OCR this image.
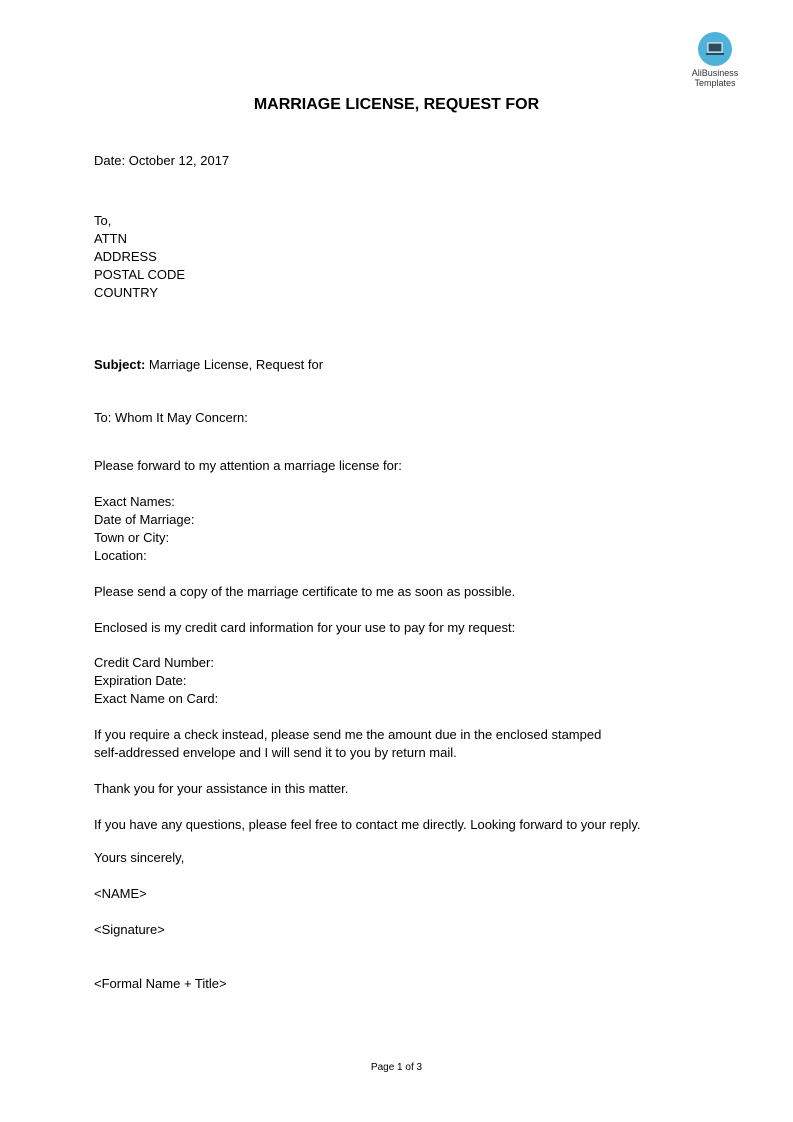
AliBusiness
Templates
MARRIAGE LICENSE, REQUEST FOR
Date: October 12, 2017
To,
ATTN
ADDRESS
POSTAL CODE
COUNTRY
Subject: Marriage License, Request for
To: Whom It May Concern:
Please forward to my attention a marriage license for:
Exact Names:
Date of Marriage:
Town or City:
Location:
Please send a copy of the marriage certificate to me as soon as possible.
Enclosed is my credit card information for your use to pay for my request:
Credit Card Number:
Expiration Date:
Exact Name on Card:
If you require a check instead, please send me the amount due in the enclosed stamped
self-addressed envelope and I will send it to you by return mail.
Thank you for your assistance in this matter.
If you have any questions, please feel free to contact me directly. Looking forward to your reply.
Yours sincerely,
<NAME>
<Signature>
<Formal Name + Title>
Page 1 of 3
